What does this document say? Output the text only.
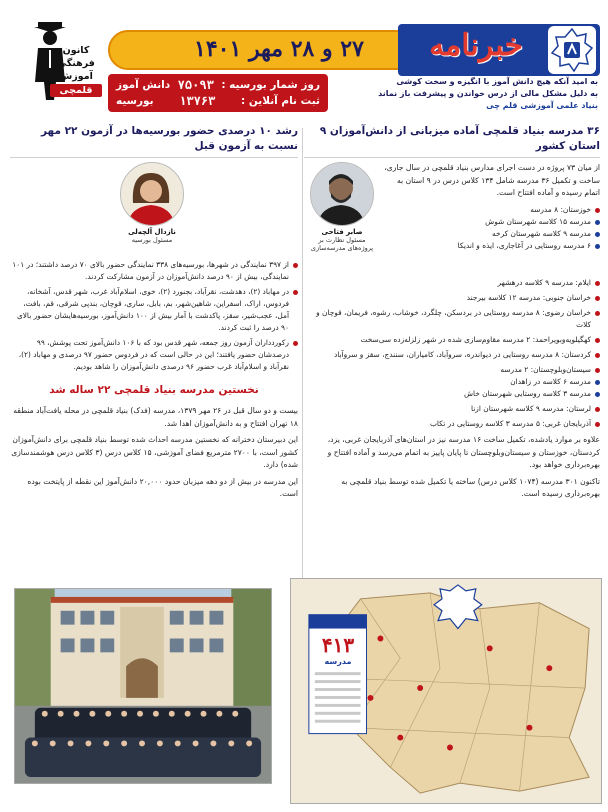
کانون
فرهنگی
آموزش
قلمچی
۲۷ و ۲۸ مهر ۱۴۰۱	خبرنامه
روز شمار بورسیه :
۷۵۰۹۳
دانش آموز
ثبت نام آنلاین :
۱۳۷۶۳
بورسیه
به امید آنکه هیچ دانش آموز با انگیزه و سخت کوشی
به دلیل مشکل مالی از درس خواندن و پیشرفت باز نماند
بنیاد علمی آموزشی قلم چی
۳۶ مدرسه بنیاد قلمچی آماده میزبانی از دانش‌آموزان ۹ استان کشور
صابر فتاحی
مسئول نظارت بر پروژه‌های مدرسه‌سازی
از میان ۷۳ پروژه در دست اجرای مدارس بنیاد قلمچی در سال جاری، ساخت و تکمیل ۳۶ مدرسه شامل ۱۳۴ کلاس درس در ۹ استان به اتمام رسیده و آماده افتتاح است.
خوزستان: ۸ مدرسه
مدرسه ۱۵ کلاسه شهرستان شوش
مدرسه ۹ کلاسه شهرستان کرخه
۶ مدرسه روستایی در آغاجاری، ایذه و اندیکا
ایلام: مدرسه ۹ کلاسه درهشهر
خراسان جنوبی: مدرسه ۱۲ کلاسه بیرجند
خراسان رضوی: ۸ مدرسه روستایی در بردسکن، چلگرد، خوشاب، رشوه، فریمان، قوچان و کلات
کهگیلویه‌وبویراحمد: ۲ مدرسه مقاوم‌سازی شده در شهر زلزله‌زده سی‌سخت
کردستان: ۸ مدرسه روستایی در دیواندره، سروآباد، کامیاران، سنندج، سقز و سروآباد
سیستان‌وبلوچستان: ۲ مدرسه
مدرسه ۶ کلاسه در زاهدان
مدرسه ۳ کلاسه روستایی شهرستان خاش
لرستان: مدرسه ۹ کلاسه شهرستان ازنا
آذربایجان غربی: ۵ مدرسه ۳ کلاسه روستایی در تکاب
علاوه بر موارد یادشده، تکمیل ساخت ۱۶ مدرسه نیز در استان‌های آذربایجان غربی، یزد، کردستان، خوزستان و سیستان‌وبلوچستان تا پایان پاییز به اتمام می‌رسد و آماده افتتاح و بهره‌برداری خواهد بود.
تاکنون ۳۰۱ مدرسه (۱۰۷۴ کلاس درس) ساخته یا تکمیل شده توسط بنیاد قلمچی به بهره‌برداری رسیده است.
رشد ۱۰ درصدی حضور بورسیه‌ها در آزمون ۲۲ مهر نسبت به آزمون قبل
نازدال آلچه‌لی
مسئول بورسیه
از ۳۹۷ نمایندگی در شهرها، بورسیه‌های ۳۳۸ نمایندگی حضور بالای ۷۰ درصد داشتند؛ در ۱۰۱ نمایندگی، بیش از ۹۰ درصد دانش‌آموزان در آزمون مشارکت کردند.
در مهاباد (۲)، دهدشت، نقرآباد، بجنورد (۲)، خوی، اسلام‌آباد غرب، شهر قدس، آشخانه، فردوس، اراک، اسفراین، شاهین‌شهر، بم، بابل، ساری، قوچان، بندپی شرقی، قم، بافت، آمل، عجب‌شیر، سقز، پاکدشت با آمار بیش از ۱۰۰ دانش‌آموز، بورسیه‌هایشان حضور بالای ۹۰ درصد را ثبت کردند.
رکوردداران آزمون روز جمعه، شهر قدس بود که با ۱۰۶ دانش‌آموز تحت پوشش، ۹۹ درصدشان حضور یافتند؛ این در حالی است که در فردوس حضور ۹۷ درصدی و مهاباد (۲)، نقرآباد و اسلام‌آباد غرب حضور ۹۶ درصدی دانش‌آموزان را شاهد بودیم.
نخستین مدرسه بنیاد قلمچی ۲۲ ساله شد
بیست و دو سال قبل در ۲۶ مهر ۱۳۷۹، مدرسه (فدک) بنیاد قلمچی در محله یافت‌آباد منطقه ۱۸ تهران افتتاح و به دانش‌آموزان اهدا شد.
این دبیرستان دخترانه که نخستین مدرسه احداث شده توسط بنیاد قلمچی برای دانش‌آموزان کشور است، با ۲۷۰۰ مترمربع فضای آموزشی، ۱۵ کلاس درس (۳ کلاس درس هوشمندسازی شده) دارد.
این مدرسه در بیش از دو دهه میزبان حدود ۲۰,۰۰۰ دانش‌آموز این نقطه از پایتخت بوده است.
۴۱۳
مدرسه
